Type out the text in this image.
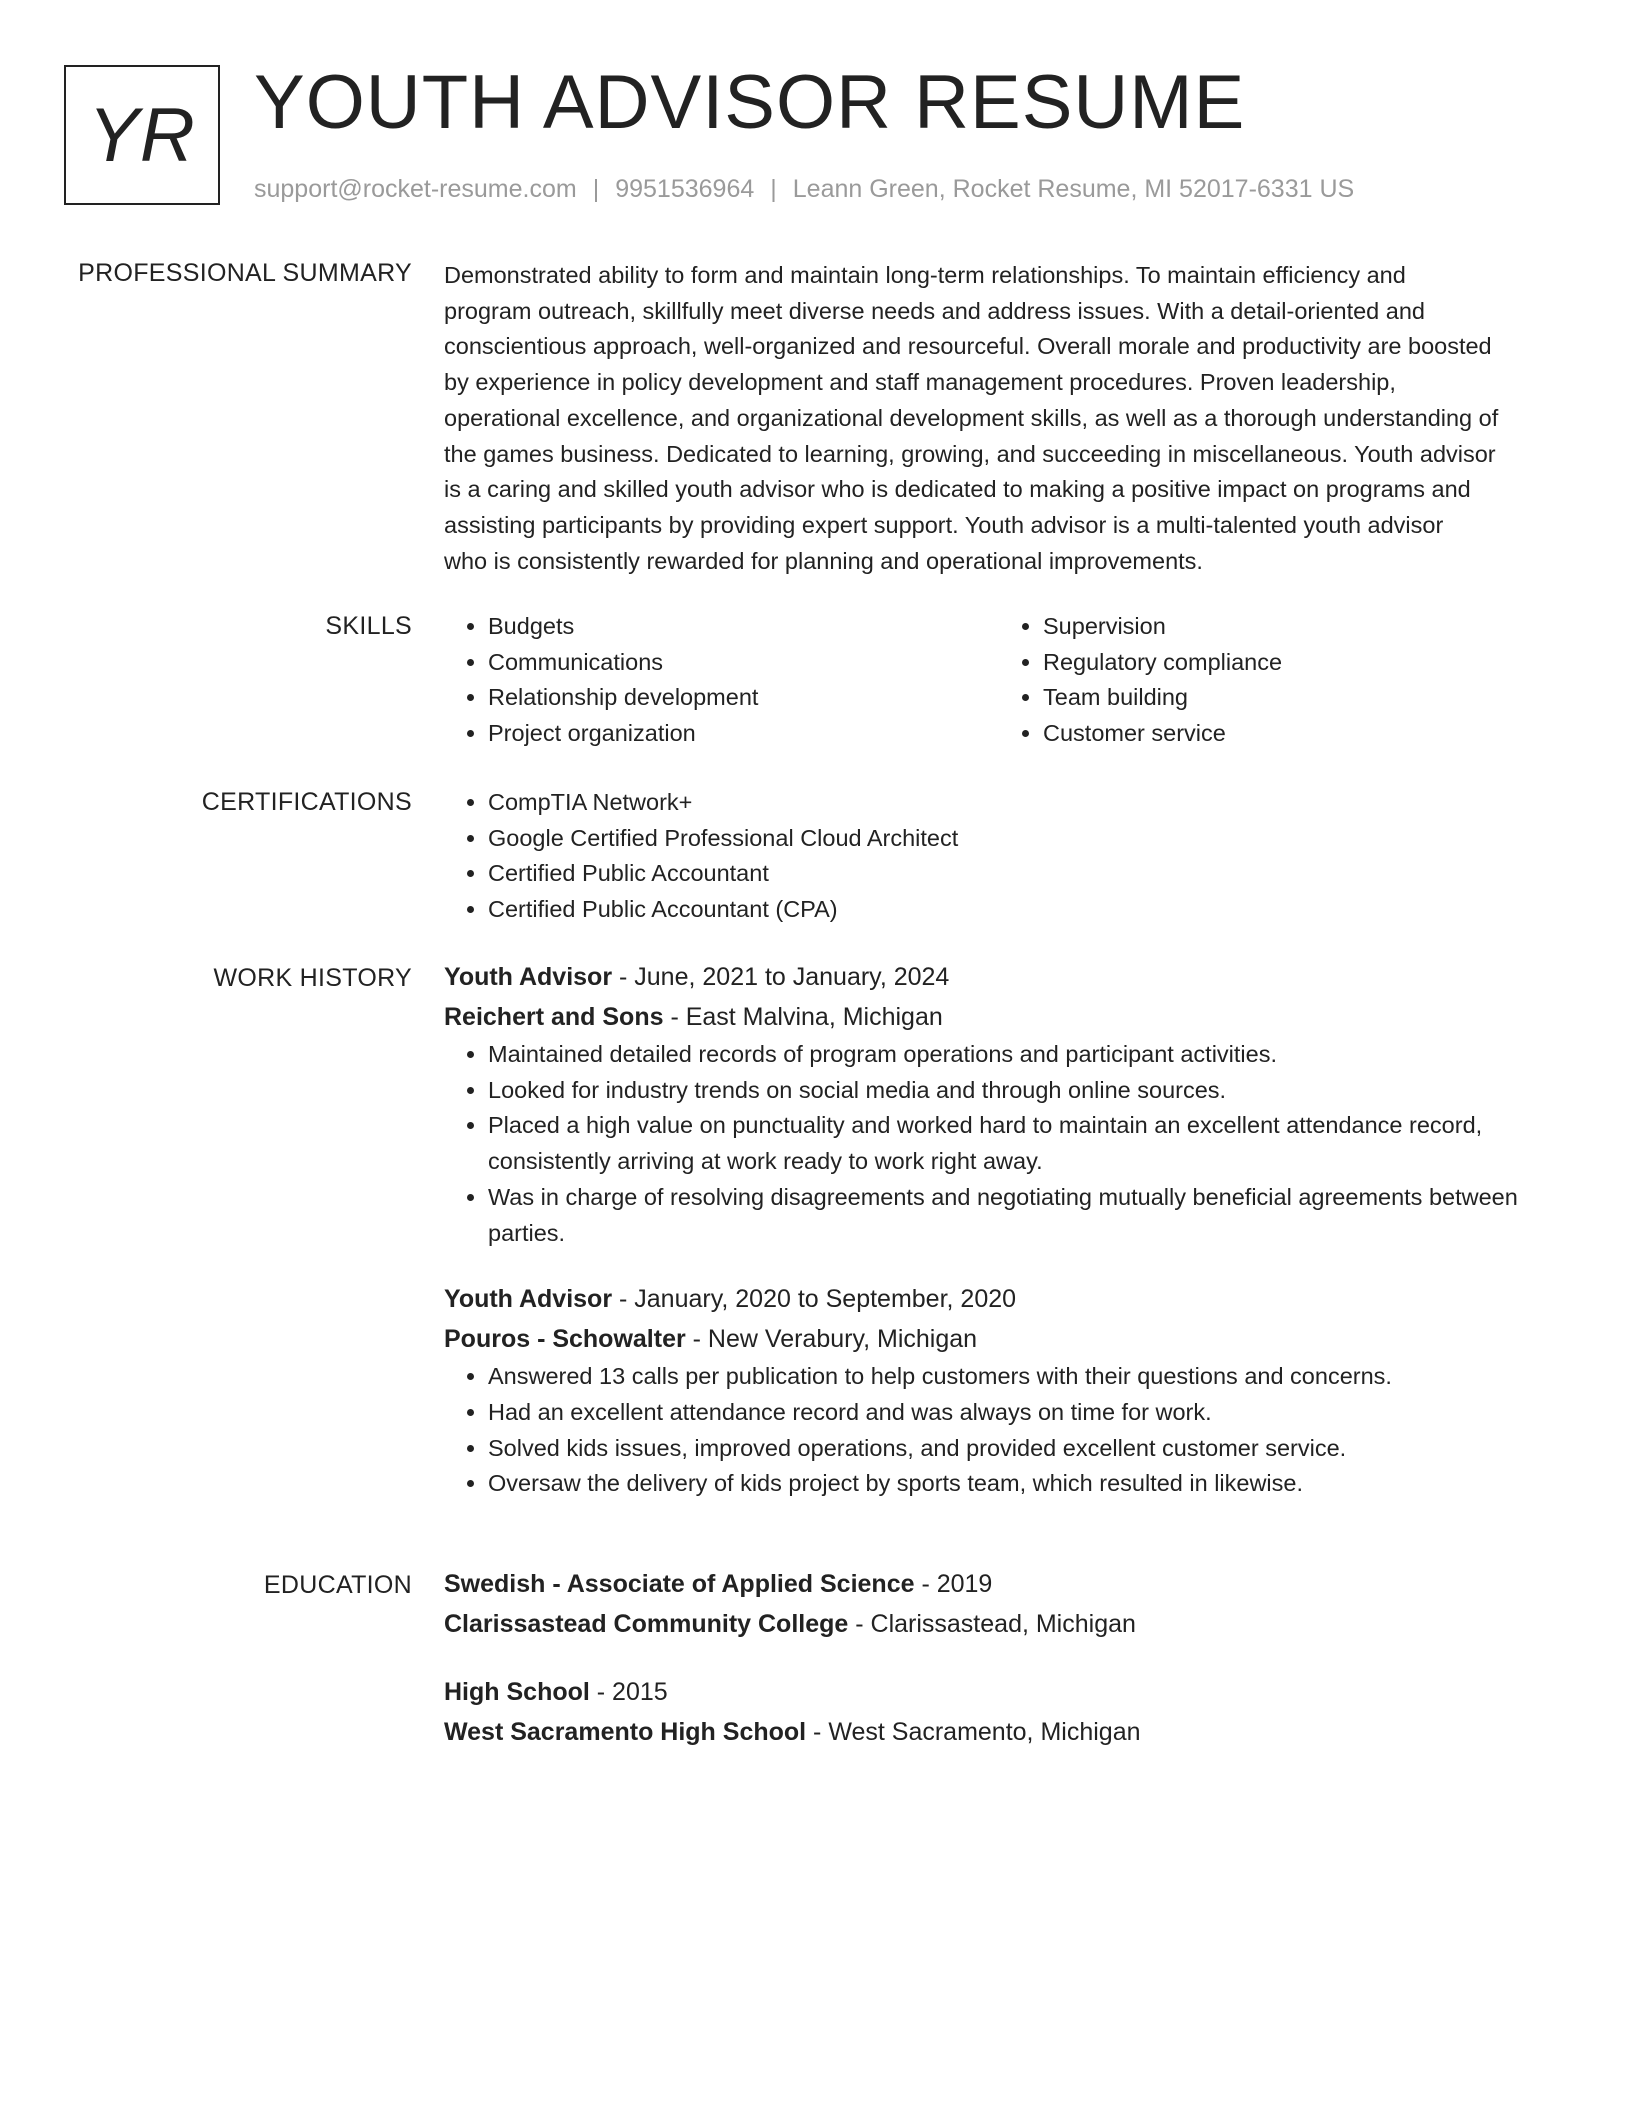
YR YOUTH ADVISOR RESUME
support@rocket-resume.com | 9951536964 | Leann Green, Rocket Resume, MI 52017-6331 US
PROFESSIONAL SUMMARY Demonstrated ability to form and maintain long-term relationships. To maintain efficiency and
program outreach, skillfully meet diverse needs and address issues. With a detail-oriented and
conscientious approach, well-organized and resourceful. Overall morale and productivity are boosted
by experience in policy development and staff management procedures. Proven leadership,
operational excellence, and organizational development skills, as well as a thorough understanding of
the games business. Dedicated to learning, growing, and succeeding in miscellaneous. Youth advisor
is a caring and skilled youth advisor who is dedicated to making a positive impact on programs and
assisting participants by providing expert support. Youth advisor is a multi-talented youth advisor
who is consistently rewarded for planning and operational improvements.
SKILLS	• Budgets
• Communications
• Relationship development
• Project organization
• Supervision
• Regulatory compliance
• Team building
• Customer service
CERTIFICATIONS	• CompTIA Network+
• Google Certified Professional Cloud Architect
• Certified Public Accountant
• Certified Public Accountant (CPA)
WORK HISTORY Youth Advisor - June, 2021 to January, 2024
Reichert and Sons - East Malvina, Michigan
• Maintained detailed records of program operations and participant activities.
• Looked for industry trends on social media and through online sources.
• Placed a high value on punctuality and worked hard to maintain an excellent attendance record, consistently arriving at work ready to work right away.
• Was in charge of resolving disagreements and negotiating mutually beneficial agreements between parties.
Youth Advisor - January, 2020 to September, 2020
Pouros - Schowalter - New Verabury, Michigan
• Answered 13 calls per publication to help customers with their questions and concerns.
• Had an excellent attendance record and was always on time for work.
• Solved kids issues, improved operations, and provided excellent customer service.
• Oversaw the delivery of kids project by sports team, which resulted in likewise.
EDUCATION Swedish - Associate of Applied Science - 2019
Clarissastead Community College - Clarissastead, Michigan
High School - 2015
West Sacramento High School - West Sacramento, Michigan
